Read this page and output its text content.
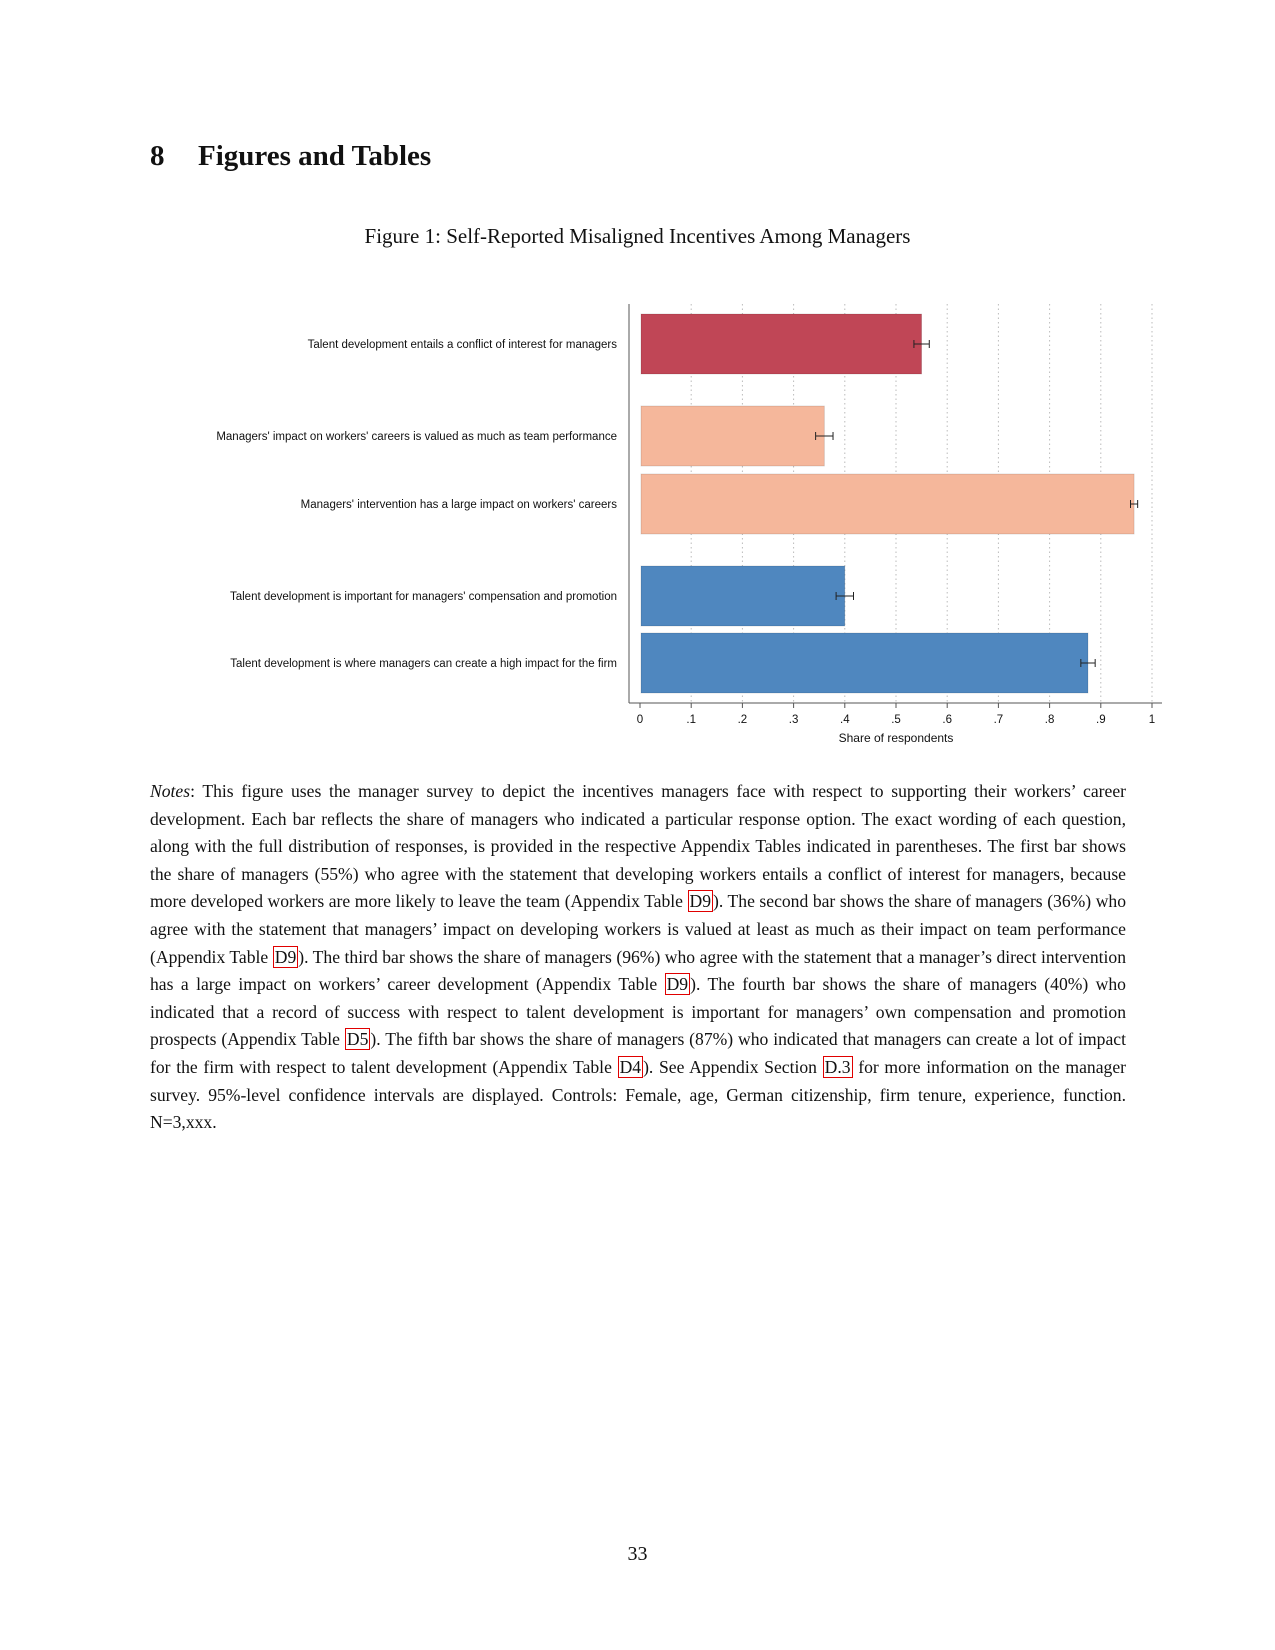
8 Figures and Tables
Figure 1: Self-Reported Misaligned Incentives Among Managers
Talent development entails a conflict of interest for managers
Managers' impact on workers' careers is valued as much as team performance
Managers' intervention has a large impact on workers' careers
Talent development is important for managers' compensation and promotion
Talent development is where managers can create a high impact for the firm
0	.1	.2	.3	.4	.5	.6	.7	.8	.9	1
Share of respondents
Notes: This figure uses the manager survey to depict the incentives managers face with respect to supporting their workers’ career development. Each bar reflects the share of managers who indicated a particular response option. The exact wording of each question, along with the full distribution of responses, is provided in the respective Appendix Tables indicated in parentheses. The first bar shows the share of managers (55%) who agree with the statement that developing workers entails a conflict of interest for managers, because more developed workers are more likely to leave the team (Appendix Table D9 ). The second bar shows the share of managers (36%) who agree with the statement that managers’ impact on developing workers is valued at least as much as their impact on team performance (Appendix Table D9 ). The third bar shows the share of managers (96%) who agree with the statement that a manager’s direct intervention has a large impact on workers’ career development (Appendix Table D9 ). The fourth bar shows the share of managers (40%) who indicated that a record of success with respect to talent development is important for managers’ own compensation and promotion prospects (Appendix Table D5 ). The fifth bar shows the share of managers (87%) who indicated that managers can create a lot of impact for the firm with respect to talent development (Appendix Table D4 ). See Appendix Section D.3 for more information on the manager survey. 95%-level confidence intervals are displayed. Controls: Female, age, German citizenship, firm tenure, experience, function. N=3,xxx.
33
